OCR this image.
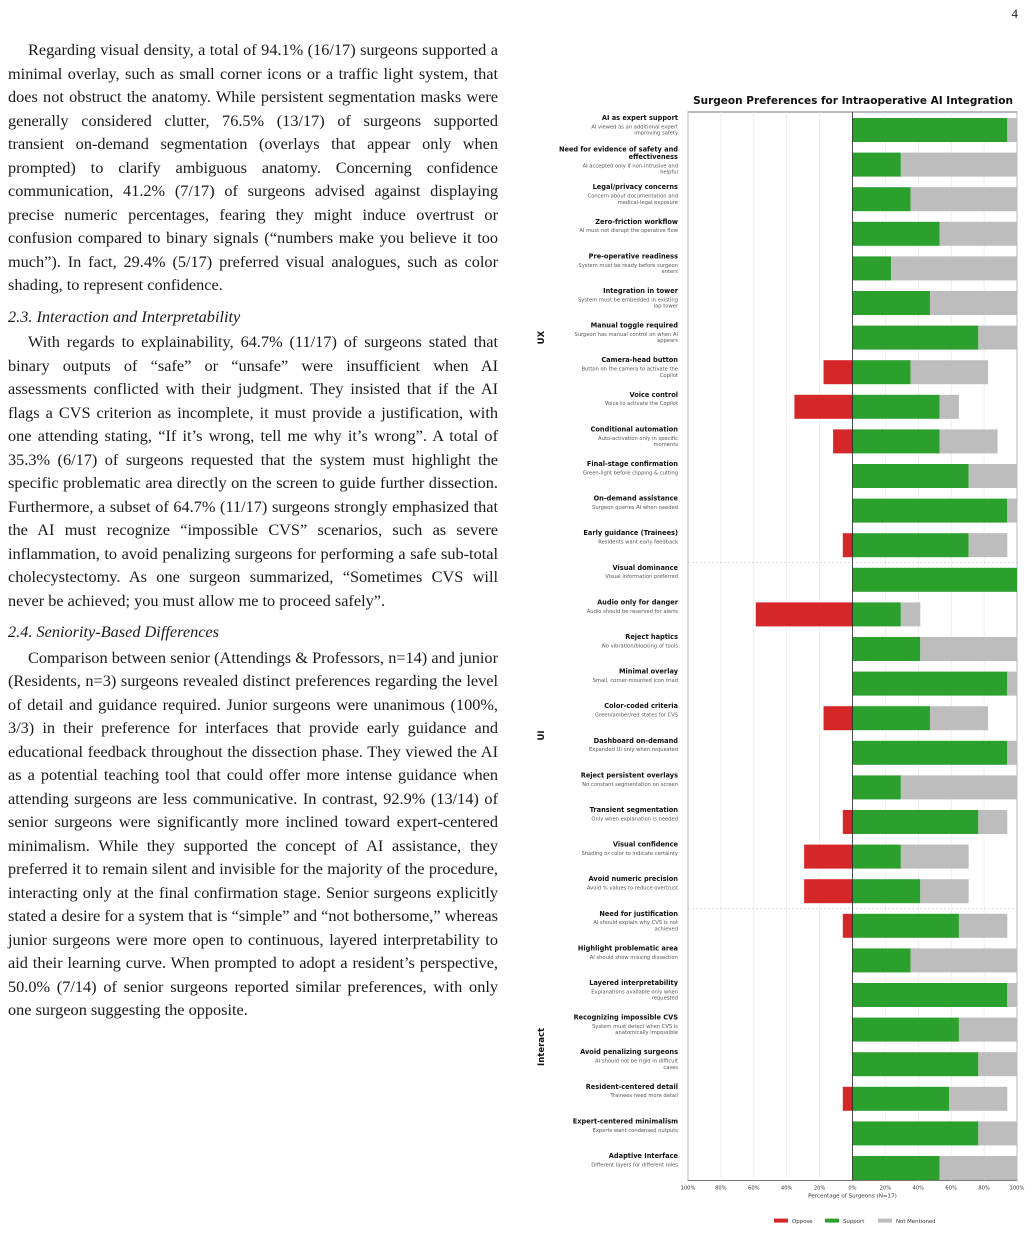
4

Regarding visual density, a total of 94.1% (16/17) surgeons supported a minimal overlay, such as small corner icons or a traffic light system, that does not obstruct the anatomy. While persistent segmentation masks were generally considered clutter, 76.5% (13/17) of surgeons supported transient on-demand segmentation (overlays that appear only when prompted) to clarify ambiguous anatomy. Concerning confidence communication, 41.2% (7/17) of surgeons advised against displaying precise numeric percentages, fearing they might induce overtrust or confusion compared to binary signals (“numbers make you believe it too much”). In fact, 29.4% (5/17) preferred visual analogues, such as color shading, to represent confidence.

2.3. Interaction and Interpretability

With regards to explainability, 64.7% (11/17) of surgeons stated that binary outputs of “safe” or “unsafe” were insufficient when AI assessments conflicted with their judgment. They insisted that if the AI flags a CVS criterion as incomplete, it must provide a justification, with one attending stating, “If it’s wrong, tell me why it’s wrong”. A total of 35.3% (6/17) of surgeons requested that the system must highlight the specific problematic area directly on the screen to guide further dissection. Furthermore, a subset of 64.7% (11/17) surgeons strongly emphasized that the AI must recognize “impossible CVS” scenarios, such as severe inflammation, to avoid penalizing surgeons for performing a safe sub-total cholecystectomy. As one surgeon summarized, “Sometimes CVS will never be achieved; you must allow me to proceed safely”.

2.4. Seniority-Based Differences

Comparison between senior (Attendings & Professors, n=14) and junior (Residents, n=3) surgeons revealed distinct preferences regarding the level of detail and guidance required. Junior surgeons were unanimous (100%, 3/3) in their preference for interfaces that provide early guidance and educational feedback throughout the dissection phase. They viewed the AI as a potential teaching tool that could offer more intense guidance when attending surgeons are less communicative. In contrast, 92.9% (13/14) of senior surgeons were significantly more inclined toward expert-centered minimalism. While they supported the concept of AI assistance, they preferred it to remain silent and invisible for the majority of the procedure, interacting only at the final confirmation stage. Senior surgeons explicitly stated a desire for a system that is “simple” and “not bothersome,” whereas junior surgeons were more open to continuous, layered interpretability to aid their learning curve. When prompted to adopt a resident’s perspective, 50.0% (7/14) of senior surgeons reported similar preferences, with only one surgeon suggesting the opposite.

Surgeon Preferences for Intraoperative AI Integration
AI as expert support
AI viewed as an additional expert
improving safety
Need for evidence of safety and
effectiveness
AI accepted only if non-intrusive and
helpful
Legal/privacy concerns
Concern about documentation and
medical-legal exposure
Zero-friction workflow
AI must not disrupt the operative flow
Pre-operative readiness
System must be ready before surgeon
enters
Integration in tower
System must be embedded in existing
lap tower
Manual toggle required
Surgeon has manual control on when AI
appears
Camera-head button
Button on the camera to activate the
Copilot
Voice control
Voice to activate the Copilot
Conditional automation
Auto-activation only in specific
moments
Final-stage confirmation
Green-light before clipping & cutting
On-demand assistance
Surgeon queries AI when needed
Early guidance (Trainees)
Residents want early feedback
UX
Visual dominance
Visual information preferred
Audio only for danger
Audio should be reserved for alerts
Reject haptics
No vibration/blocking of tools
Minimal overlay
Small, corner-mounted icon triad
Color-coded criteria
Green/amber/red states for CVS
Dashboard on-demand
Expanded UI only when requested
Reject persistent overlays
No constant segmentation on screen
Transient segmentation
Only when explanation is needed
Visual confidence
Shading or color to indicate certainty
Avoid numeric precision
Avoid % values to reduce overtrust
UI
Need for justification
AI should explain why CVS is not
achieved
Highlight problematic area
AI should show missing dissection
Layered interpretability
Explanations available only when
requested
Recognizing impossible CVS
System must detect when CVS is
anatomically impossible
Avoid penalizing surgeons
AI should not be rigid in difficult
cases
Resident-centered detail
Trainees need more detail
Expert-centered minimalism
Experts want condensed outputs
Adaptive Interface
Different layers for different roles
Interact
100%	80%	60%	40%	20%	0%	20%	40%	60%	80%	100%
Percentage of Surgeons (N=17)
Oppose	Support	Not Mentioned
